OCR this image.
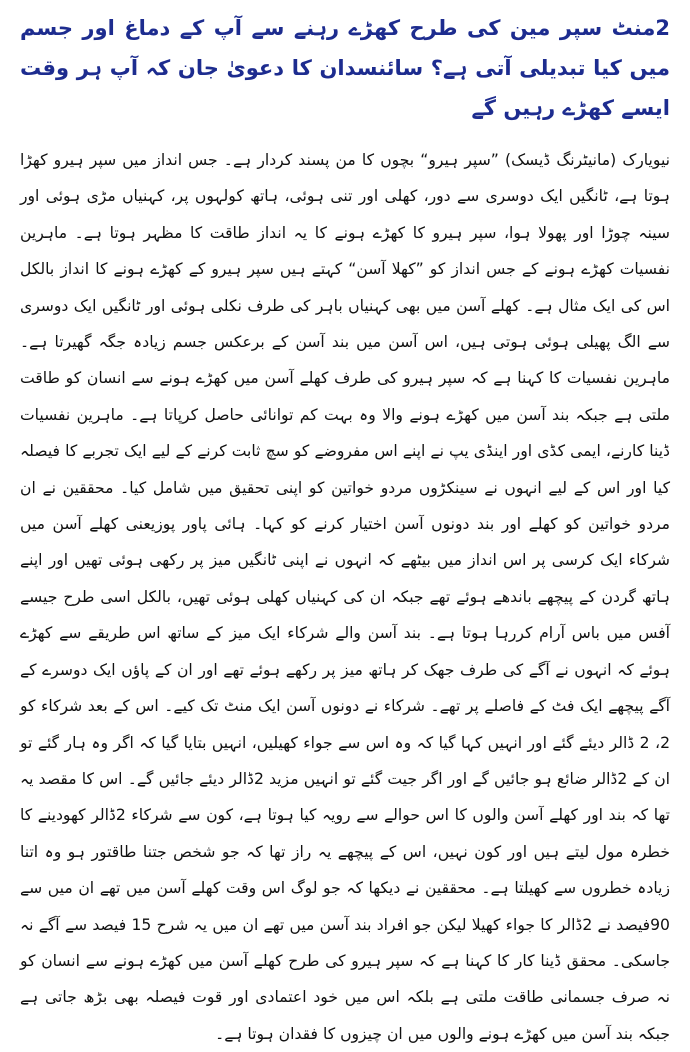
2منٹ سپر مین کی طرح کھڑے رہنے سے آپ کے دماغ اور جسم میں کیا تبدیلی آتی ہے؟ سائنسدان کا دعویٰ جان کہ آپ ہر وقت ایسے کھڑے رہیں گے

نیویارک (مانیٹرنگ ڈیسک) ”سپر ہیرو“ بچوں کا من پسند کردار ہے۔ جس انداز میں سپر ہیرو کھڑا ہوتا ہے، ٹانگیں ایک دوسری سے دور، کھلی اور تنی ہوئی، ہاتھ کولہوں پر، کہنیاں مڑی ہوئی اور سینہ چوڑا اور پھولا ہوا، سپر ہیرو کا کھڑے ہونے کا یہ انداز طاقت کا مظہر ہوتا ہے۔ ماہرین نفسیات کھڑے ہونے کے جس انداز کو ”کھلا آسن“ کہتے ہیں سپر ہیرو کے کھڑے ہونے کا انداز بالکل اس کی ایک مثال ہے۔ کھلے آسن میں بھی کہنیاں باہر کی طرف نکلی ہوئی اور ٹانگیں ایک دوسری سے الگ پھیلی ہوئی ہوتی ہیں، اس آسن میں بند آسن کے برعکس جسم زیادہ جگہ گھیرتا ہے۔ ماہرین نفسیات کا کہنا ہے کہ سپر ہیرو کی طرف کھلے آسن میں کھڑے ہونے سے انسان کو طاقت ملتی ہے جبکہ بند آسن میں کھڑے ہونے والا وہ بہت کم توانائی حاصل کرپاتا ہے۔ ماہرین نفسیات ڈینا کارنے، ایمی کڈی اور اینڈی یپ نے اپنے اس مفروضے کو سچ ثابت کرنے کے لیے ایک تجربے کا فیصلہ کیا اور اس کے لیے انہوں نے سینکڑوں مردو خواتین کو اپنی تحقیق میں شامل کیا۔ محققین نے ان مردو خواتین کو کھلے اور بند دونوں آسن اختیار کرنے کو کہا۔ ہائی پاور پوزیعنی کھلے آسن میں شرکاء ایک کرسی پر اس انداز میں بیٹھے کہ انہوں نے اپنی ٹانگیں میز پر رکھی ہوئی تھیں اور اپنے ہاتھ گردن کے پیچھے باندھے ہوئے تھے جبکہ ان کی کہنیاں کھلی ہوئی تھیں، بالکل اسی طرح جیسے آفس میں باس آرام کررہا ہوتا ہے۔ بند آسن والے شرکاء ایک میز کے ساتھ اس طریقے سے کھڑے ہوئے کہ انہوں نے آگے کی طرف جھک کر ہاتھ میز پر رکھے ہوئے تھے اور ان کے پاﺅں ایک دوسرے کے آگے پیچھے ایک فٹ کے فاصلے پر تھے۔ شرکاء نے دونوں آسن ایک منٹ تک کیے۔ اس کے بعد شرکاء کو 2، 2 ڈالر دیئے گئے اور انہیں کہا گیا کہ وہ اس سے جواء کھیلیں، انہیں بتایا گیا کہ اگر وہ ہار گئے تو ان کے 2ڈالر ضائع ہو جائیں گے اور اگر جیت گئے تو انہیں مزید 2ڈالر دیئے جائیں گے۔ اس کا مقصد یہ تھا کہ بند اور کھلے آسن والوں کا اس حوالے سے رویہ کیا ہوتا ہے، کون سے شرکاء 2ڈالر کھودینے کا خطرہ مول لیتے ہیں اور کون نہیں، اس کے پیچھے یہ راز تھا کہ جو شخص جتنا طاقتور ہو وہ اتنا زیادہ خطروں سے کھیلتا ہے۔ محققین نے دیکھا کہ جو لوگ اس وقت کھلے آسن میں تھے ان میں سے 90فیصد نے 2ڈالر کا جواء کھیلا لیکن جو افراد بند آسن میں تھے ان میں یہ شرح 15 فیصد سے آگے نہ جاسکی۔ محقق ڈینا کار کا کہنا ہے کہ سپر ہیرو کی طرح کھلے آسن میں کھڑے ہونے سے انسان کو نہ صرف جسمانی طاقت ملتی ہے بلکہ اس میں خود اعتمادی اور قوت فیصلہ بھی بڑھ جاتی ہے جبکہ بند آسن میں کھڑے ہونے والوں میں ان چیزوں کا فقدان ہوتا ہے۔
